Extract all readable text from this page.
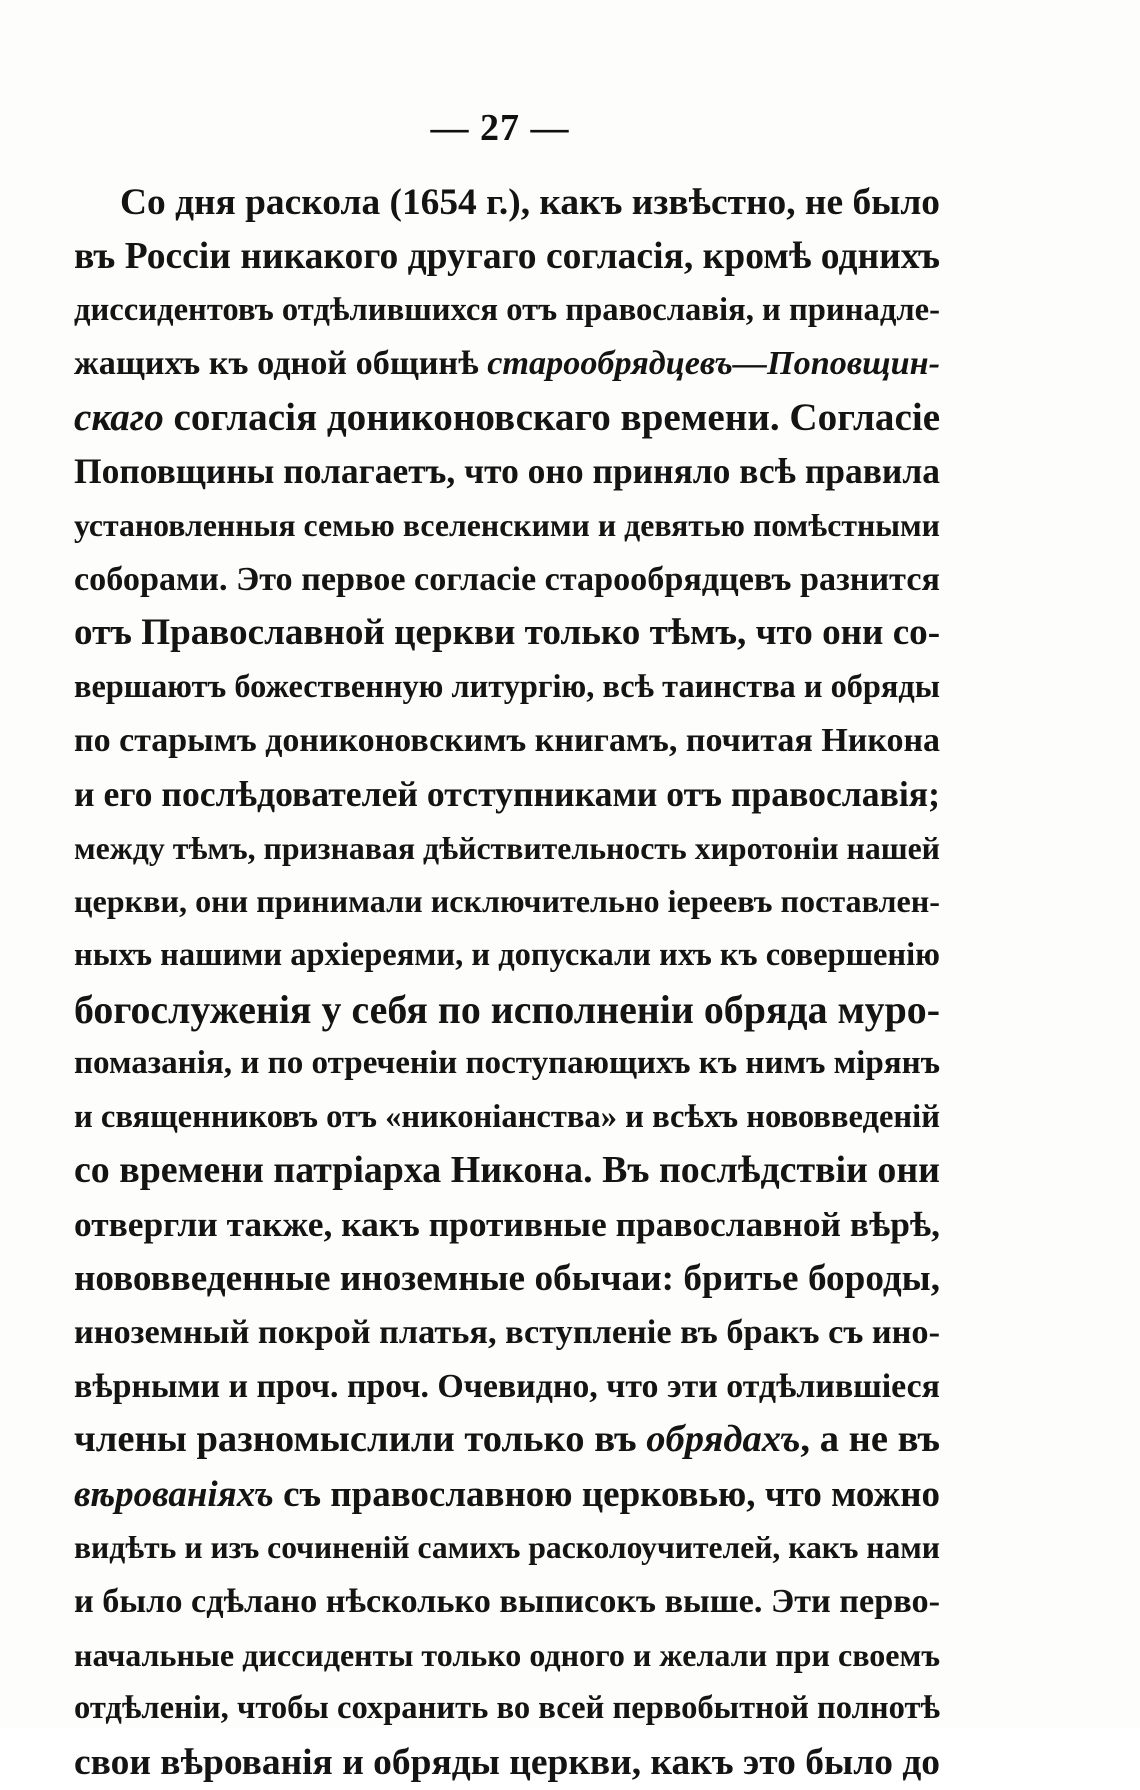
— 27 —
Со дня раскола (1654 г.), какъ извѣстно, не было
въ Россіи никакого другаго согласія, кромѣ однихъ
диссидентовъ отдѣлившихся отъ православія, и принадле-
жащихъ къ одной общинѣ старообрядцевъ—Поповщин-
скаго согласія дониконовскаго времени. Согласіе
Поповщины полагаетъ, что оно приняло всѣ правила
установленныя семью вселенскими и девятью помѣстными
соборами. Это первое согласіе старообрядцевъ разнится
отъ Православной церкви только тѣмъ, что они со-
вершаютъ божественную литургію, всѣ таинства и обряды
по старымъ дониконовскимъ книгамъ, почитая Никона
и его послѣдователей отступниками отъ православія;
между тѣмъ, признавая дѣйствительность хиротоніи нашей
церкви, они принимали исключительно іереевъ поставлен-
ныхъ нашими архіереями, и допускали ихъ къ совершенію
богослуженія у себя по исполненіи обряда муро-
помазанія, и по отреченіи поступающихъ къ нимъ мірянъ
и священниковъ отъ «никоніанства» и всѣхъ нововведеній
со времени патріарха Никона. Въ послѣдствіи они
отвергли также, какъ противные православной вѣрѣ,
нововведенные иноземные обычаи: бритье бороды,
иноземный покрой платья, вступленіе въ бракъ съ ино-
вѣрными и проч. проч. Очевидно, что эти отдѣлившіеся
члены разномыслили только въ обрядахъ, а не въ
вѣрованіяхъ съ православною церковью, что можно
видѣть и изъ сочиненій самихъ расколоучителей, какъ нами
и было сдѣлано нѣсколько выписокъ выше. Эти перво-
начальные диссиденты только одного и желали при своемъ
отдѣленіи, чтобы сохранить во всей первобытной полнотѣ
свои вѣрованія и обряды церкви, какъ это было до
